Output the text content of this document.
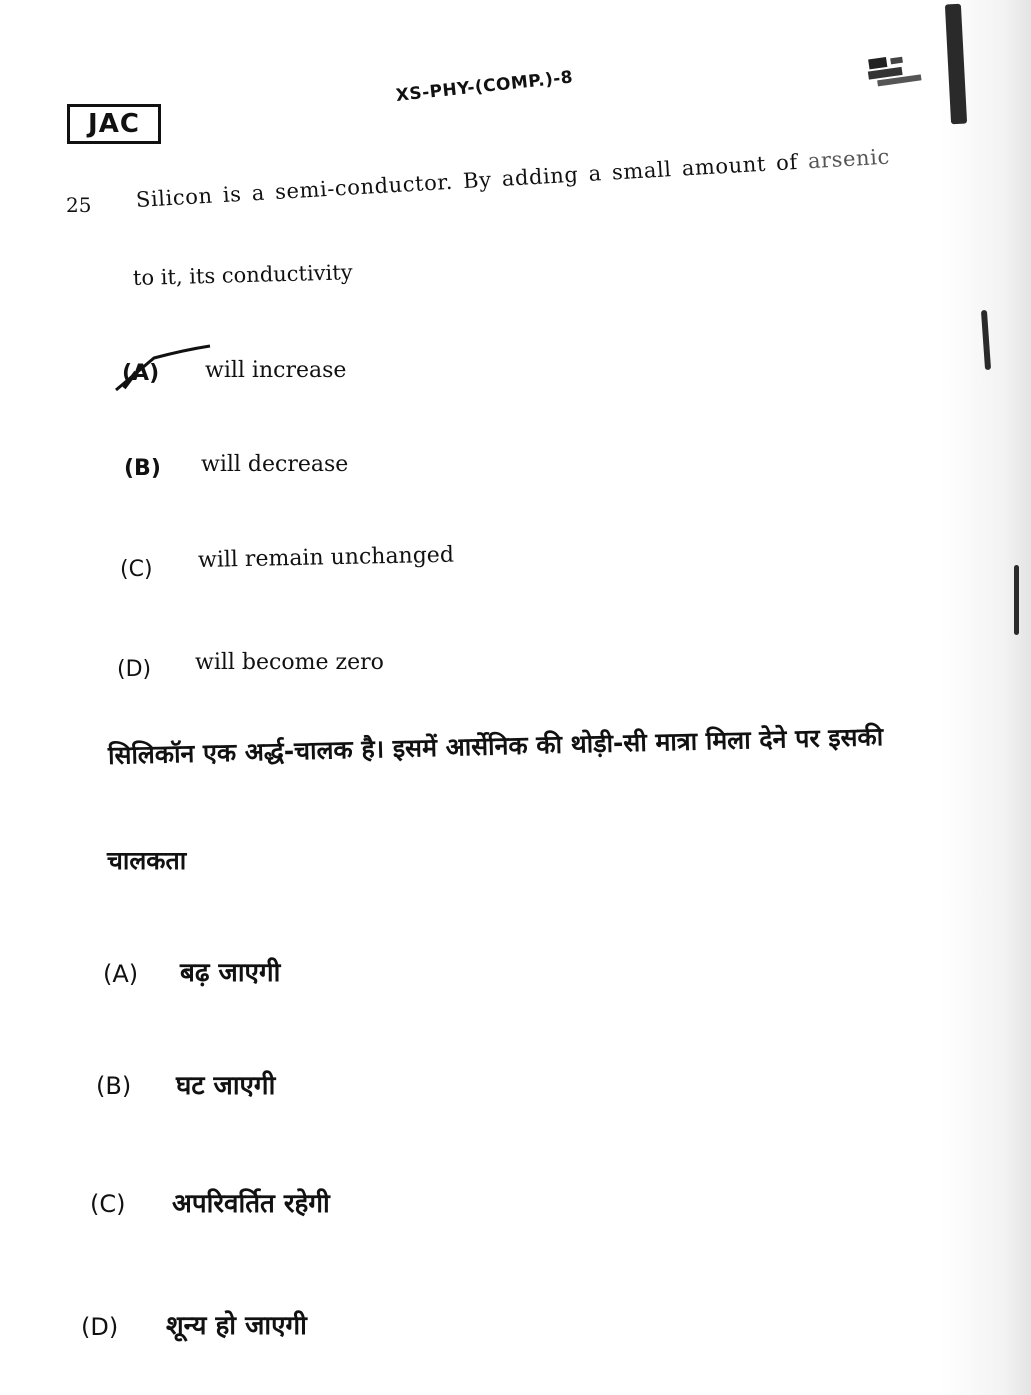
JAC
XS-PHY-(COMP.)-8
25 Silicon is a semi-conductor. By adding a small amount of arsenic
to it, its conductivity
(A) will increase
(B) will decrease
(C) will remain unchanged
(D) will become zero
सिलिकॉन एक अर्द्ध-चालक है। इसमें आर्सेनिक की थोड़ी-सी मात्रा मिला देने पर इसकी
चालकता
(A) बढ़ जाएगी
(B) घट जाएगी
(C) अपरिवर्तित रहेगी
(D) शून्य हो जाएगी
